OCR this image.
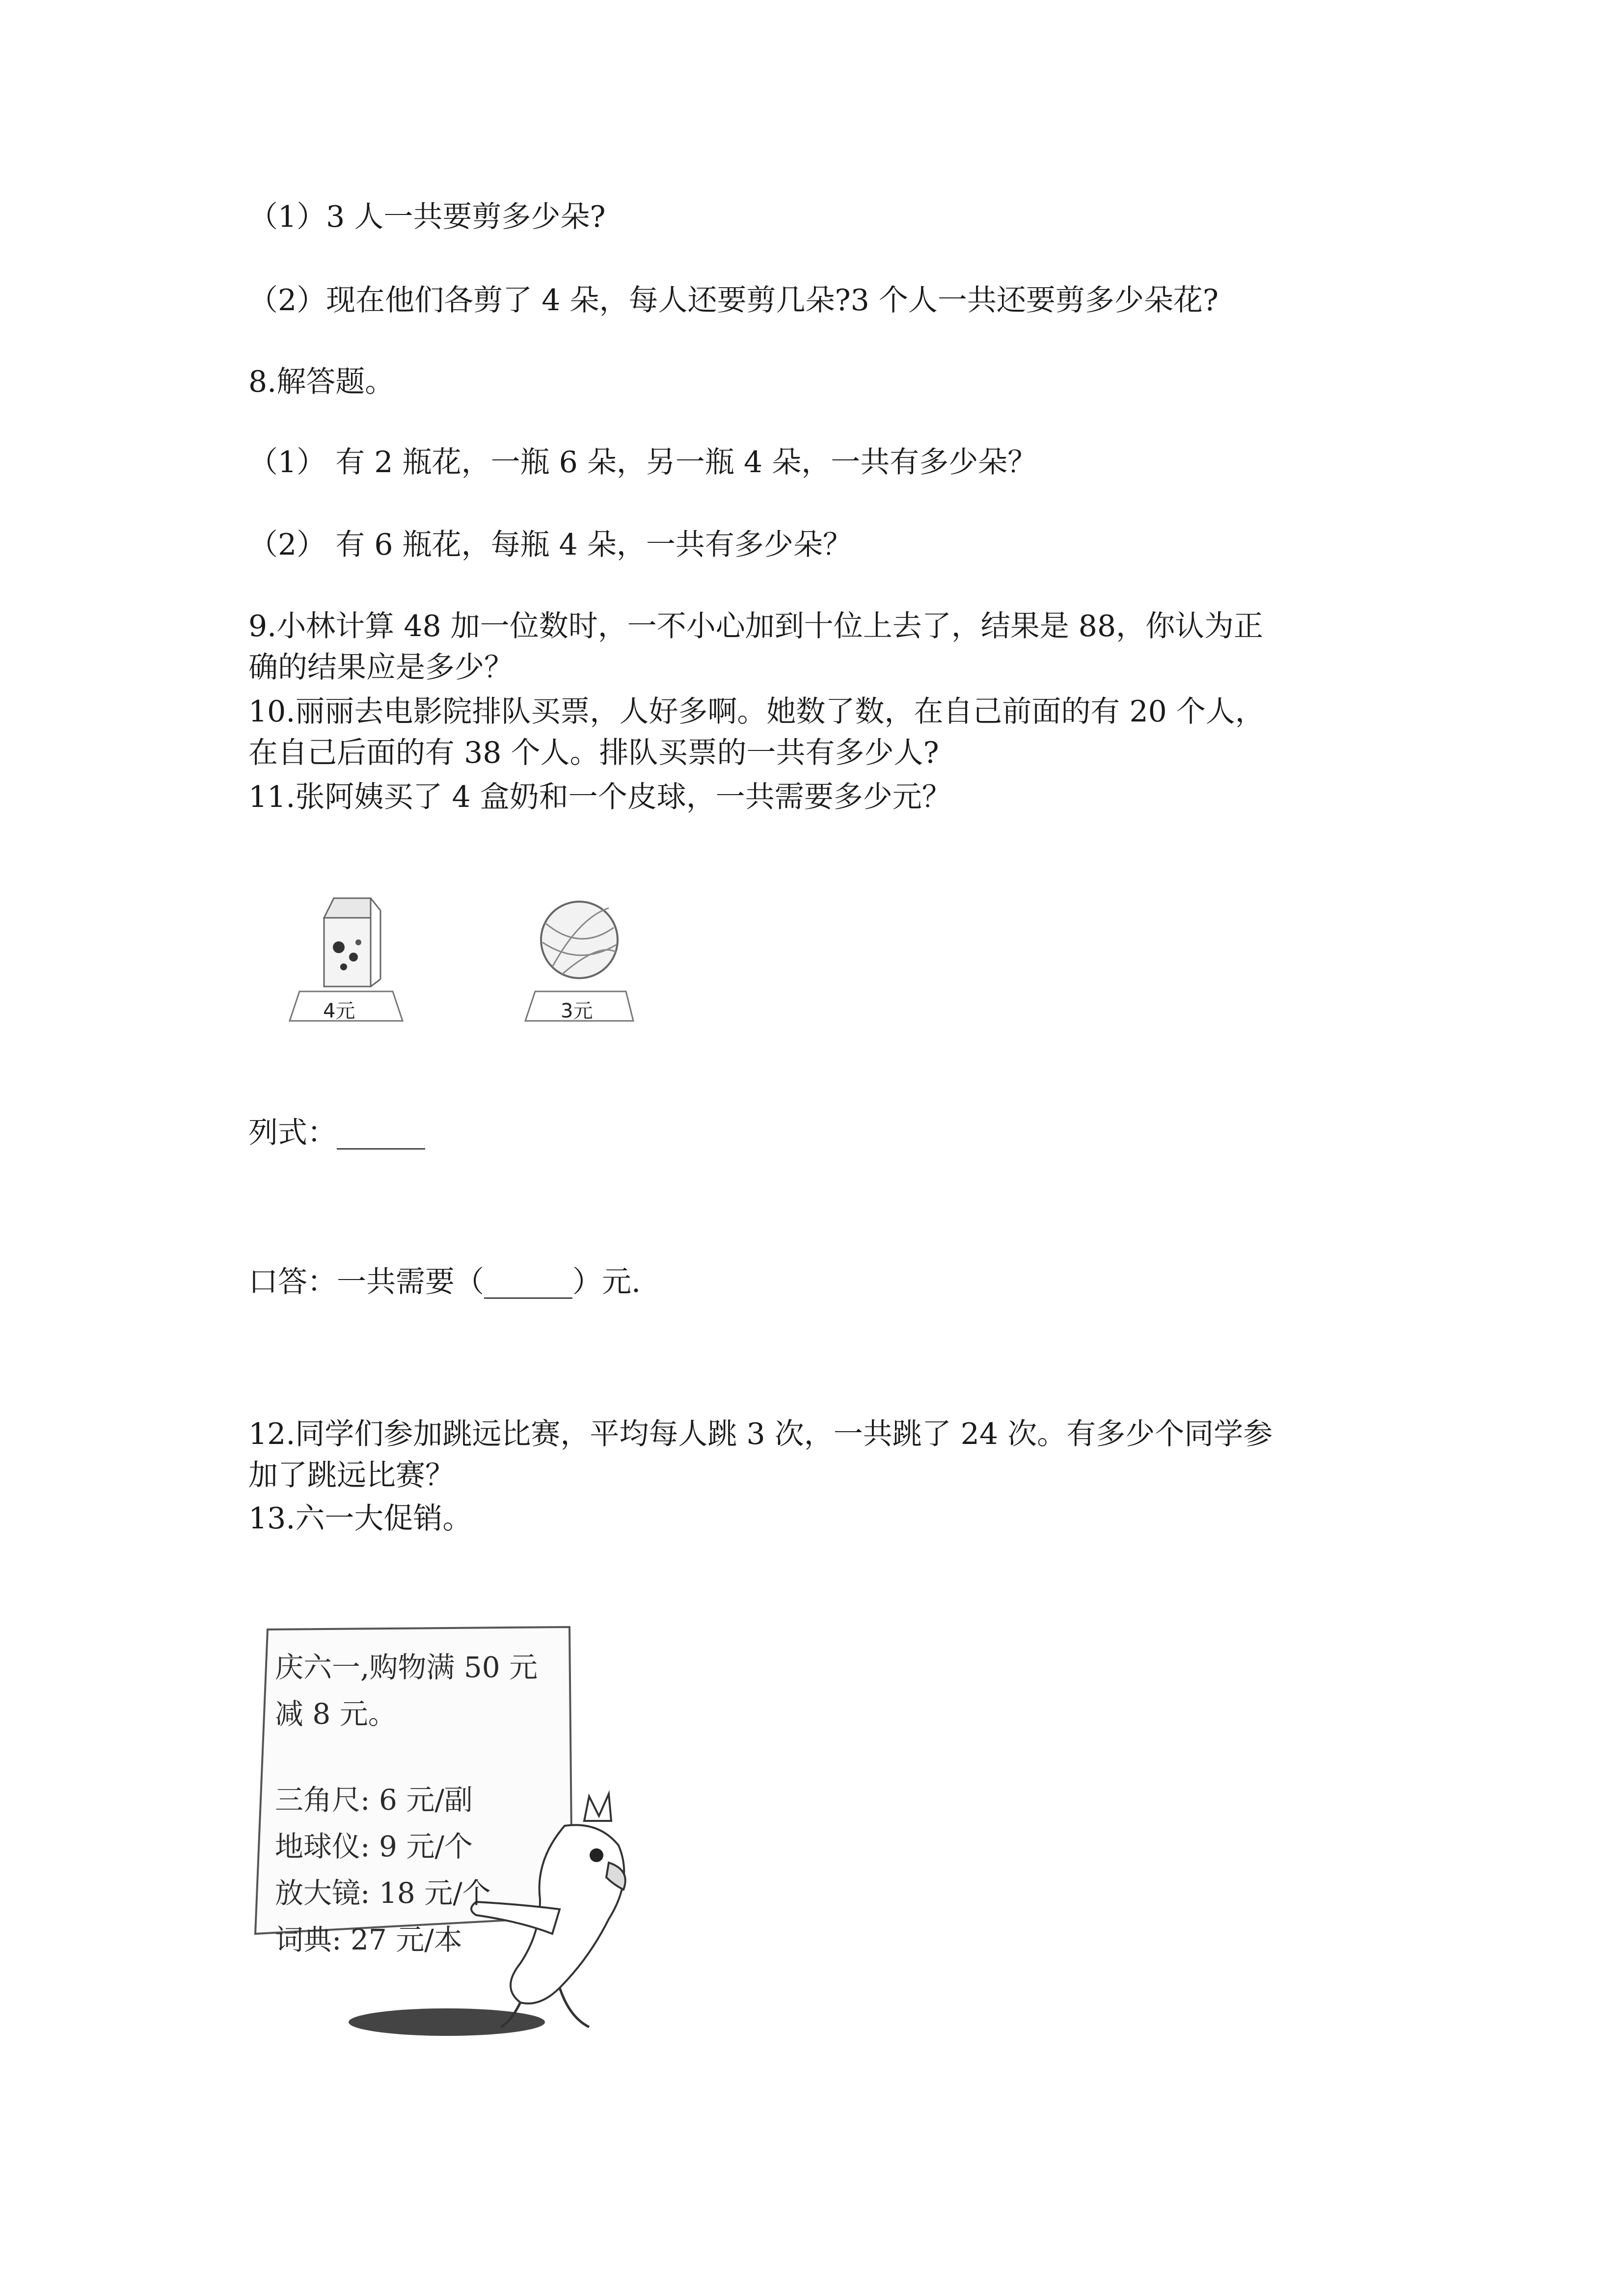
（1）3 人一共要剪多少朵?
（2）现在他们各剪了 4 朵，每人还要剪几朵?3 个人一共还要剪多少朵花?
8.解答题。
（1） 有 2 瓶花，一瓶 6 朵，另一瓶 4 朵，一共有多少朵？
（2） 有 6 瓶花，每瓶 4 朵，一共有多少朵？
9.小林计算 48 加一位数时，一不小心加到十位上去了，结果是 88，你认为正
确的结果应是多少？
10.丽丽去电影院排队买票，人好多啊。她数了数，在自己前面的有 20 个人，
在自己后面的有 38 个人。排队买票的一共有多少人?
11.张阿姨买了 4 盒奶和一个皮球，一共需要多少元？
4元	3元
列式：______
口答：一共需要（______）元.
12.同学们参加跳远比赛，平均每人跳 3 次，一共跳了 24 次。有多少个同学参
加了跳远比赛？
13.六一大促销。
庆六一,购物满 50 元
减 8 元。
三角尺: 6 元/副
地球仪: 9 元/个
放大镜: 18 元/个
词典: 27 元/本
